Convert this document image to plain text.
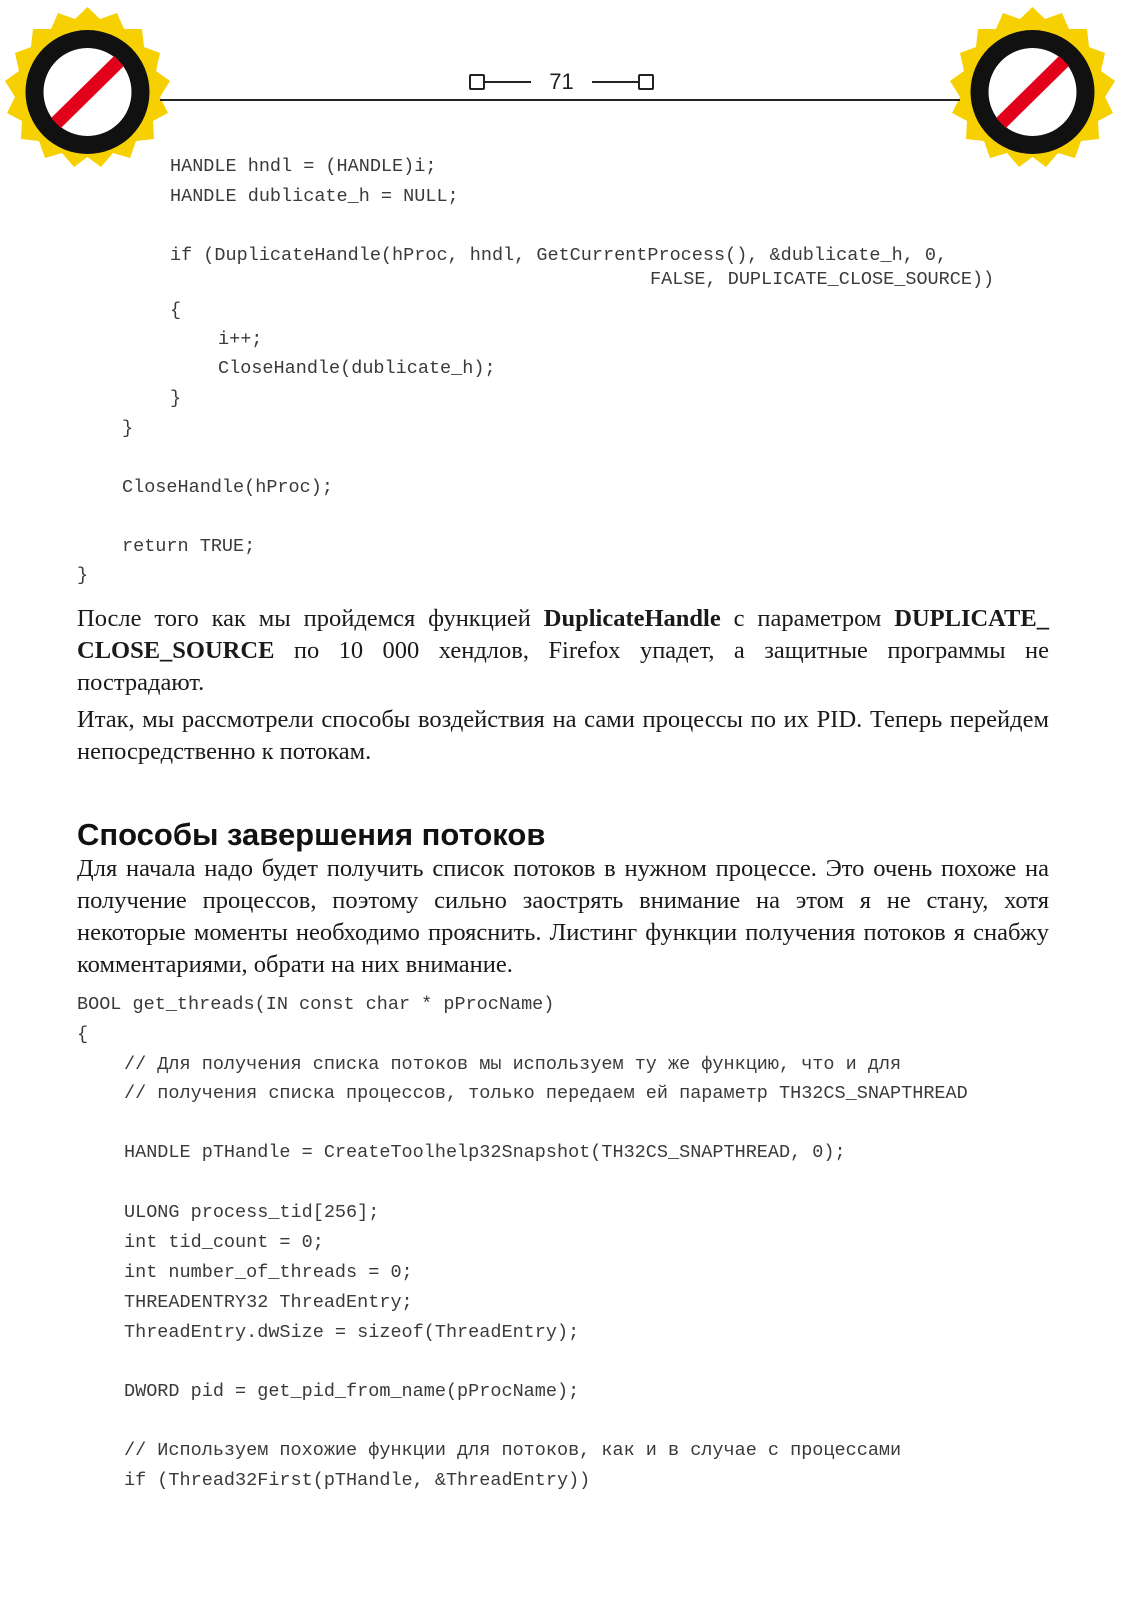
71
HANDLE hndl = (HANDLE)i;
HANDLE dublicate_h = NULL;
if (DuplicateHandle(hProc, hndl, GetCurrentProcess(), &dublicate_h, 0,
FALSE, DUPLICATE_CLOSE_SOURCE))
{
i++;
CloseHandle(dublicate_h);
}
}
CloseHandle(hProc);
return TRUE;
}

После того как мы пройдемся функцией DuplicateHandle с параметром DUPLICATE_ CLOSE_SOURCE по 10 000 хендлов, Firefox упадет, а защитные программы не пострадают.

Итак, мы рассмотрели способы воздействия на сами процессы по их PID. Теперь перейдем непосредственно к потокам.

Способы завершения потоков

Для начала надо будет получить список потоков в нужном процессе. Это очень похоже на получение процессов, поэтому сильно заострять внимание на этом я не стану, хотя некоторые моменты необходимо прояснить. Листинг функции получения потоков я снабжу комментариями, обрати на них внимание.

BOOL get_threads(IN const char * pProcName)
{
// Для получения списка потоков мы используем ту же функцию, что и для
// получения списка процессов, только передаем ей параметр TH32CS_SNAPTHREAD
HANDLE pTHandle = CreateToolhelp32Snapshot(TH32CS_SNAPTHREAD, 0);
ULONG process_tid[256];
int tid_count = 0;
int number_of_threads = 0;
THREADENTRY32 ThreadEntry;
ThreadEntry.dwSize = sizeof(ThreadEntry);
DWORD pid = get_pid_from_name(pProcName);
// Используем похожие функции для потоков, как и в случае с процессами
if (Thread32First(pTHandle, &ThreadEntry))
